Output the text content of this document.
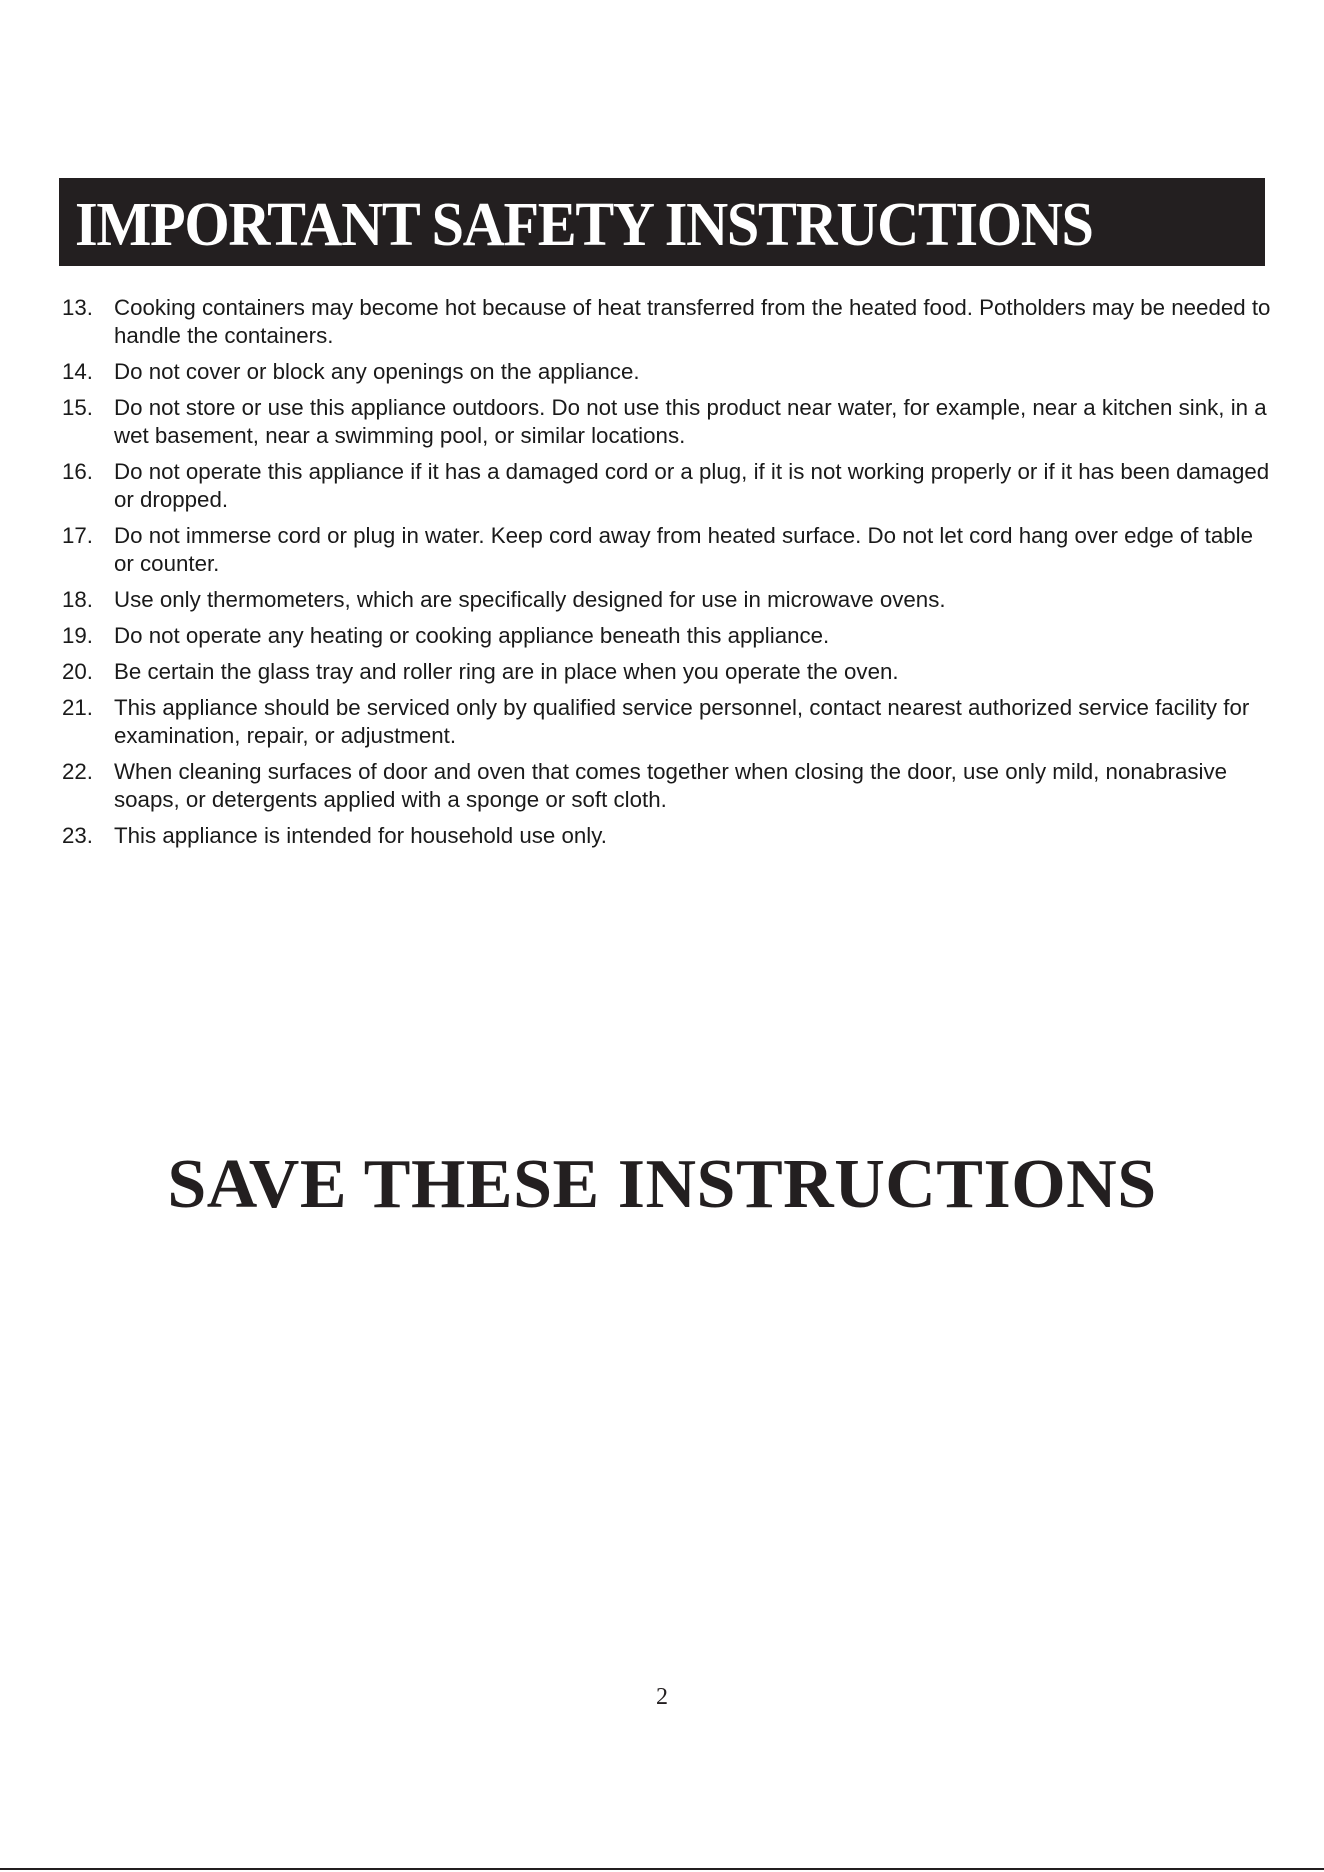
IMPORTANT SAFETY INSTRUCTIONS
13. Cooking containers may become hot because of heat transferred from the heated food. Potholders may be needed to handle the containers.
14. Do not cover or block any openings on the appliance.
15. Do not store or use this appliance outdoors. Do not use this product near water, for example, near a kitchen sink, in a wet basement, near a swimming pool, or similar locations.
16. Do not operate this appliance if it has a damaged cord or a plug, if it is not working properly or if it has been damaged or dropped.
17. Do not immerse cord or plug in water. Keep cord away from heated surface. Do not let cord hang over edge of table or counter.
18. Use only thermometers, which are specifically designed for use in microwave ovens.
19. Do not operate any heating or cooking appliance beneath this appliance.
20. Be certain the glass tray and roller ring are in place when you operate the oven.
21. This appliance should be serviced only by qualified service personnel, contact nearest authorized service facility for examination, repair, or adjustment.
22. When cleaning surfaces of door and oven that comes together when closing the door, use only mild, nonabrasive soaps, or detergents applied with a sponge or soft cloth.
23. This appliance is intended for household use only.
SAVE THESE INSTRUCTIONS
2
